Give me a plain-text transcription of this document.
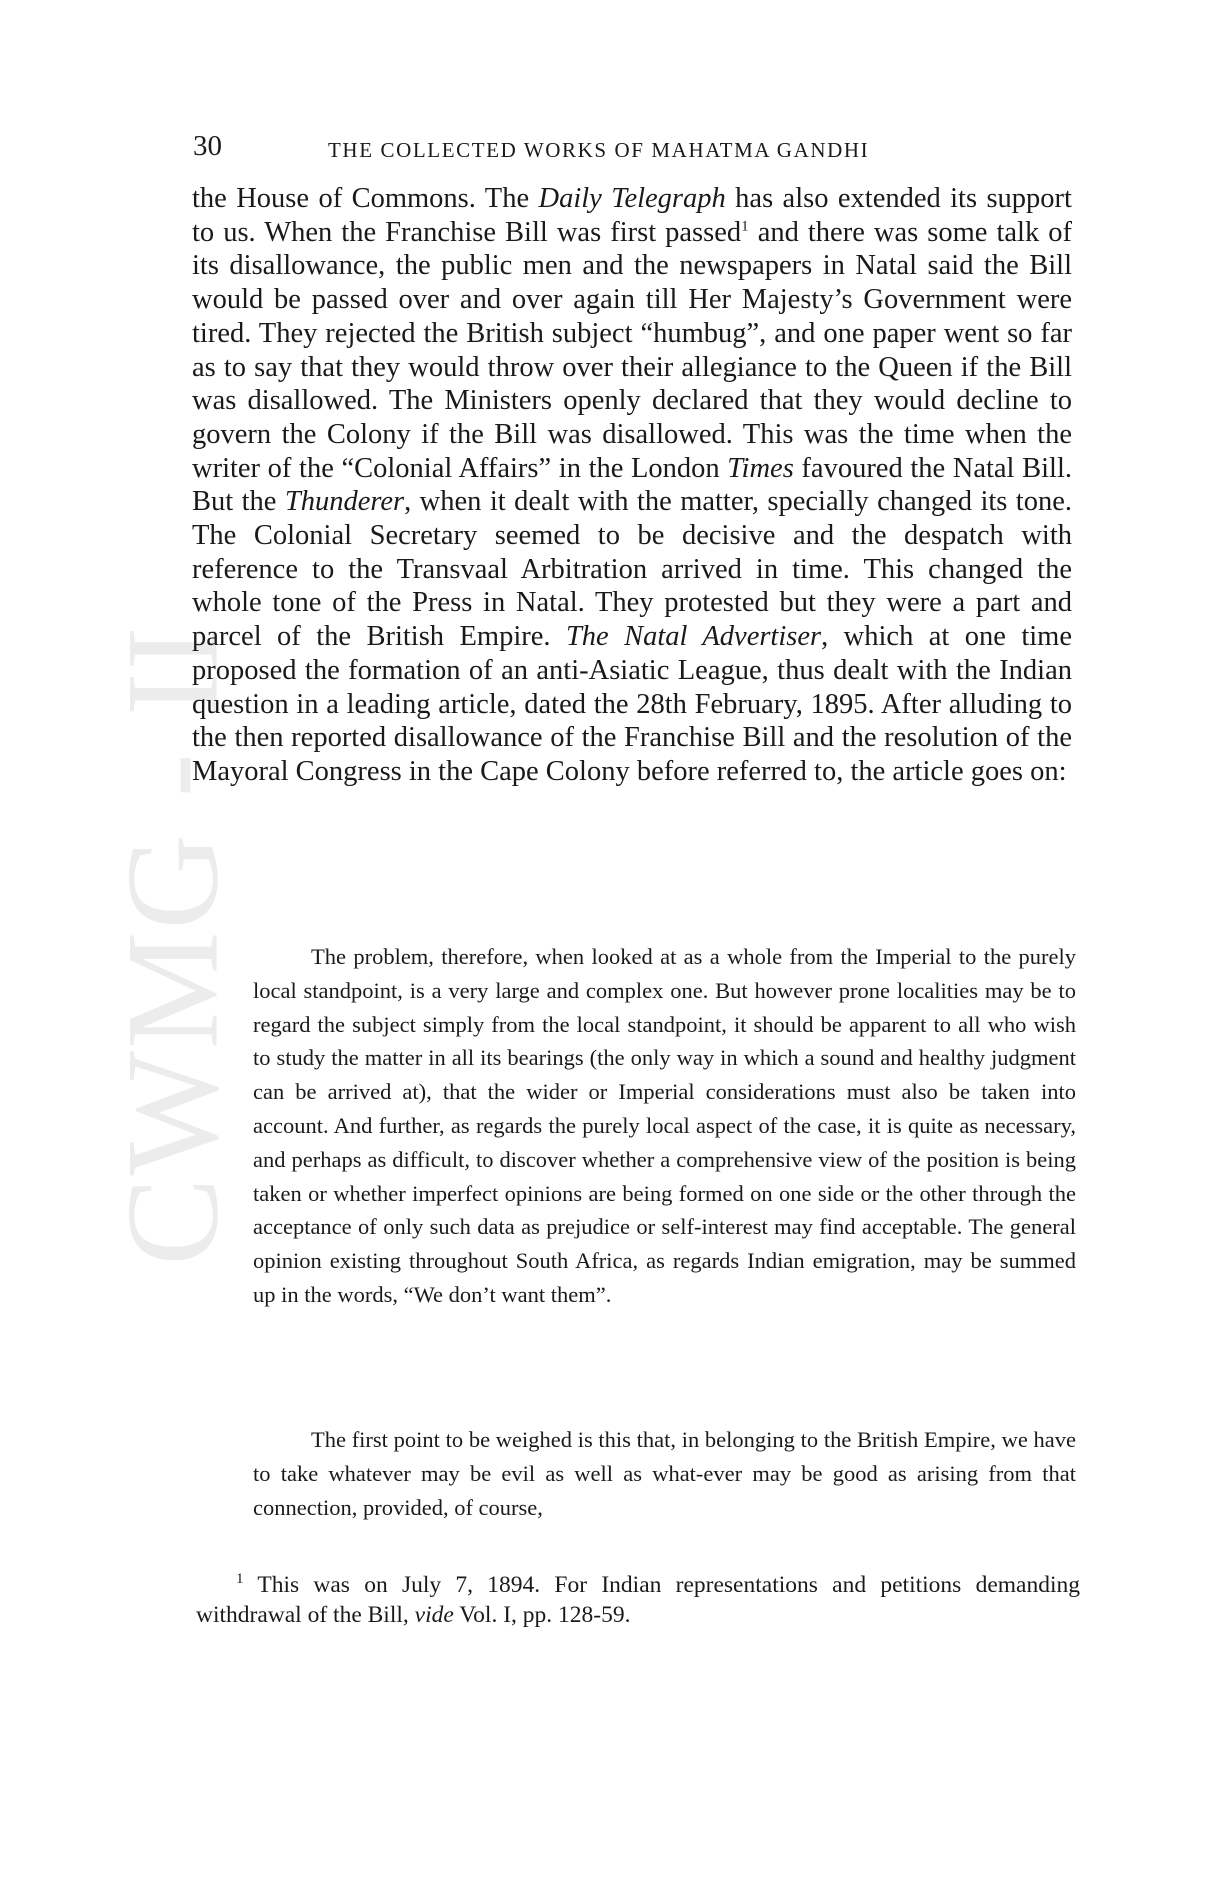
CWMG - II
30	THE COLLECTED WORKS OF MAHATMA GANDHI

the House of Commons. The Daily Telegraph has also extended its support to us. When the Franchise Bill was first passed$^1$ and there was some talk of its disallowance, the public men and the newspapers in Natal said the Bill would be passed over and over again till Her Majesty’s Government were tired. They rejected the British subject “humbug”, and one paper went so far as to say that they would throw over their allegiance to the Queen if the Bill was disallowed. The Ministers openly declared that they would decline to govern the Colony if the Bill was disallowed. This was the time when the writer of the “Colonial Affairs” in the London Times favoured the Natal Bill. But the Thunderer, when it dealt with the matter, specially changed its tone. The Colonial Secretary seemed to be decisive and the despatch with reference to the Transvaal Arbitration arrived in time. This changed the whole tone of the Press in Natal. They protested but they were a part and parcel of the British Empire. The Natal Advertiser, which at one time proposed the formation of an anti-Asiatic League, thus dealt with the Indian question in a leading article, dated the 28th February, 1895. After alluding to the then reported disallowance of the Franchise Bill and the resolution of the Mayoral Congress in the Cape Colony before referred to, the article goes on:

The problem, therefore, when looked at as a whole from the Imperial to the purely local standpoint, is a very large and complex one. But however prone localities may be to regard the subject simply from the local standpoint, it should be apparent to all who wish to study the matter in all its bearings (the only way in which a sound and healthy judgment can be arrived at), that the wider or Imperial considerations must also be taken into account. And further, as regards the purely local aspect of the case, it is quite as necessary, and perhaps as difficult, to discover whether a comprehensive view of the position is being taken or whether imperfect opinions are being formed on one side or the other through the acceptance of only such data as prejudice or self-interest may find acceptable. The general opinion existing throughout South Africa, as regards Indian emigration, may be summed up in the words, “We don’t want them”.

The first point to be weighed is this that, in belonging to the British Empire, we have to take whatever may be evil as well as what-ever may be good as arising from that connection, provided, of course,

$^1$ This was on July 7, 1894. For Indian representations and petitions demanding withdrawal of the Bill, vide Vol. I, pp. 128-59.
